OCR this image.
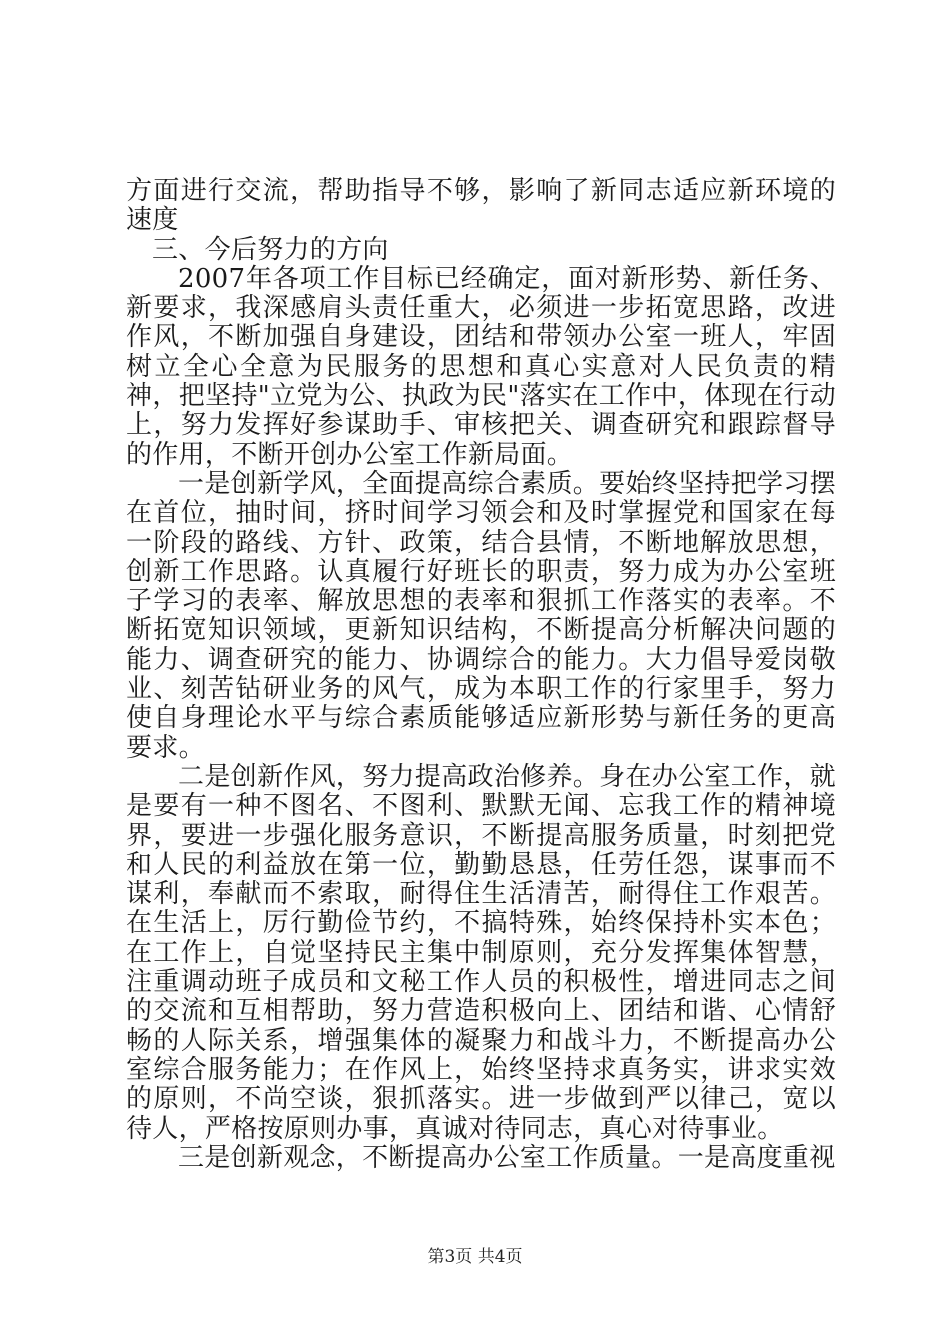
方面进行交流，帮助指导不够，影响了新同志适应新环境的速度

三、今后努力的方向

2007年各项工作目标已经确定，面对新形势、新任务、新要求，我深感肩头责任重大，必须进一步拓宽思路，改进作风，不断加强自身建设，团结和带领办公室一班人，牢固树立全心全意为民服务的思想和真心实意对人民负责的精神，把坚持"立党为公、执政为民"落实在工作中，体现在行动上，努力发挥好参谋助手、审核把关、调查研究和跟踪督导的作用，不断开创办公室工作新局面。

一是创新学风，全面提高综合素质。要始终坚持把学习摆在首位，抽时间，挤时间学习领会和及时掌握党和国家在每一阶段的路线、方针、政策，结合县情，不断地解放思想，创新工作思路。认真履行好班长的职责，努力成为办公室班子学习的表率、解放思想的表率和狠抓工作落实的表率。不断拓宽知识领域，更新知识结构，不断提高分析解决问题的能力、调查研究的能力、协调综合的能力。大力倡导爱岗敬业、刻苦钻研业务的风气，成为本职工作的行家里手，努力使自身理论水平与综合素质能够适应新形势与新任务的更高要求。

二是创新作风，努力提高政治修养。身在办公室工作，就是要有一种不图名、不图利、默默无闻、忘我工作的精神境界，要进一步强化服务意识，不断提高服务质量，时刻把党和人民的利益放在第一位，勤勤恳恳，任劳任怨，谋事而不谋利，奉献而不索取，耐得住生活清苦，耐得住工作艰苦。在生活上，厉行勤俭节约，不搞特殊，始终保持朴实本色；在工作上，自觉坚持民主集中制原则，充分发挥集体智慧，注重调动班子成员和文秘工作人员的积极性，增进同志之间的交流和互相帮助，努力营造积极向上、团结和谐、心情舒畅的人际关系，增强集体的凝聚力和战斗力，不断提高办公室综合服务能力；在作风上，始终坚持求真务实，讲求实效的原则，不尚空谈，狠抓落实。进一步做到严以律己，宽以待人，严格按原则办事，真诚对待同志，真心对待事业。

三是创新观念，不断提高办公室工作质量。一是高度重视

第3页 共4页
